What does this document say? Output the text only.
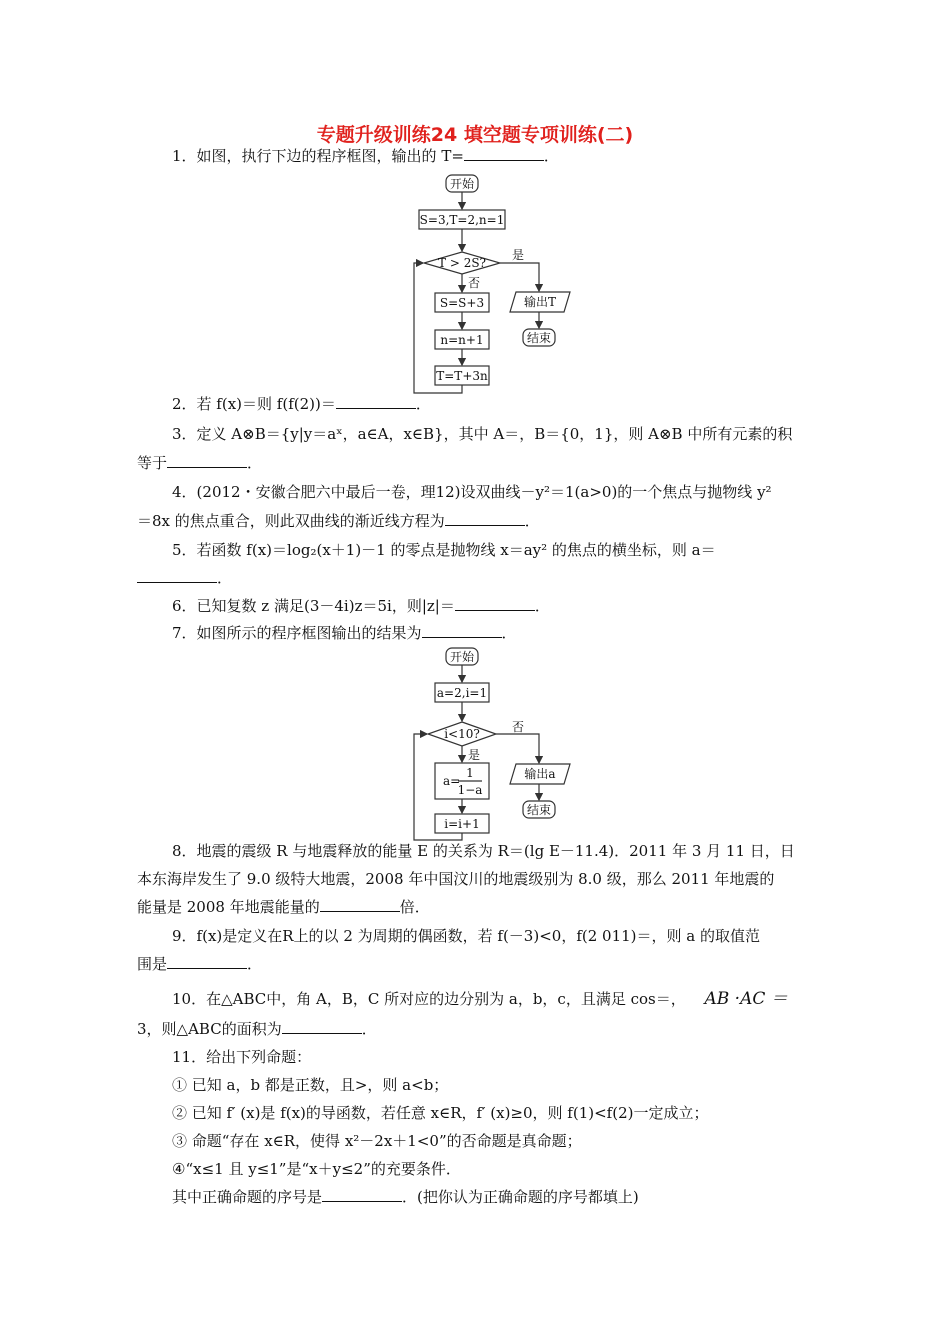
专题升级训练24 填空题专项训练(二)
1．如图，执行下边的程序框图，输出的 T=	．
开始
S=3,T=2,n=1
T > 2S?
是
输出T
结束
否
S=S+3
n=n+1
T=T+3n
2．若 f(x)＝则 f(f(2))＝	．
3．定义 A⊗B＝{y|y＝aˣ，a∈A，x∈B}，其中 A＝，B＝{0，1}，则 A⊗B 中所有元素的积
等于	．
4．(2012・安徽合肥六中最后一卷，理12)设双曲线－y²＝1(a>0)的一个焦点与抛物线 y²
＝8x 的焦点重合，则此双曲线的渐近线方程为	．
5．若函数 f(x)＝log₂(x＋1)－1 的零点是抛物线 x＝ay² 的焦点的横坐标，则 a＝
．
6．已知复数 z 满足(3－4i)z＝5i，则|z|＝	．
7．如图所示的程序框图输出的结果为	．
开始
a=2,i=1
i<10?	否
输出a
结束
是
a=
1
1−a
i=i+1
8．地震的震级 R 与地震释放的能量 E 的关系为 R＝(lg E－11.4)．2011 年 3 月 11 日，日
本东海岸发生了 9.0 级特大地震，2008 年中国汶川的地震级别为 8.0 级，那么 2011 年地震的
能量是 2008 年地震能量的	倍．
9．f(x)是定义在R上的以 2 为周期的偶函数，若 f(－3)<0，f(2 011)＝，则 a 的取值范
围是	．
10．在△ABC中，角 A，B，C 所对应的边分别为 a，b，c，且满足 cos＝， AB ·AC ＝
3，则△ABC的面积为	．
11．给出下列命题：
① 已知 a，b 都是正数，且>，则 a<b；
② 已知 f′ (x)是 f(x)的导函数，若任意 x∈R，f′ (x)≥0，则 f(1)<f(2)一定成立；
③ 命题“存在 x∈R，使得 x²－2x＋1<0”的否命题是真命题；
④“x≤1 且 y≤1”是“x＋y≤2”的充要条件．
其中正确命题的序号是	．(把你认为正确命题的序号都填上)
